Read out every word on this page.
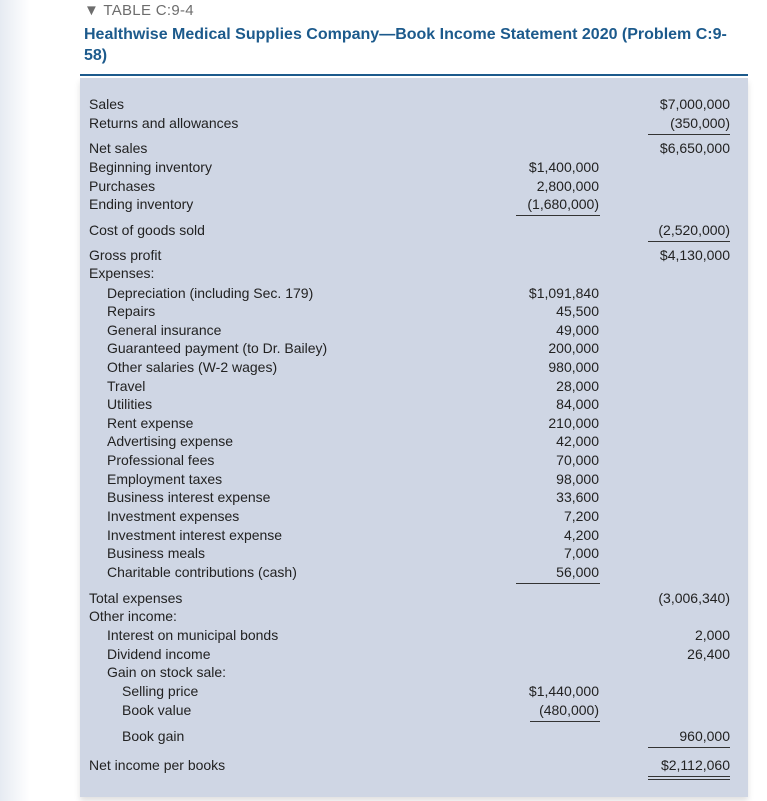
▼ TABLE C:9-4
Healthwise Medical Supplies Company—Book Income Statement 2020 (Problem C:9-58)
Sales	$7,000,000
Returns and allowances	(350,000)
Net sales	$6,650,000
Beginning inventory	$1,400,000
Purchases	2,800,000
Ending inventory	(1,680,000)
Cost of goods sold	(2,520,000)
Gross profit	$4,130,000
Expenses:
Depreciation (including Sec. 179)	$1,091,840
Repairs	45,500
General insurance	49,000
Guaranteed payment (to Dr. Bailey)	200,000
Other salaries (W-2 wages)	980,000
Travel	28,000
Utilities	84,000
Rent expense	210,000
Advertising expense	42,000
Professional fees	70,000
Employment taxes	98,000
Business interest expense	33,600
Investment expenses	7,200
Investment interest expense	4,200
Business meals	7,000
Charitable contributions (cash)	56,000
Total expenses	(3,006,340)
Other income:
Interest on municipal bonds	2,000
Dividend income	26,400
Gain on stock sale:
Selling price	$1,440,000
Book value	(480,000)
Book gain	960,000
Net income per books	$2,112,060
